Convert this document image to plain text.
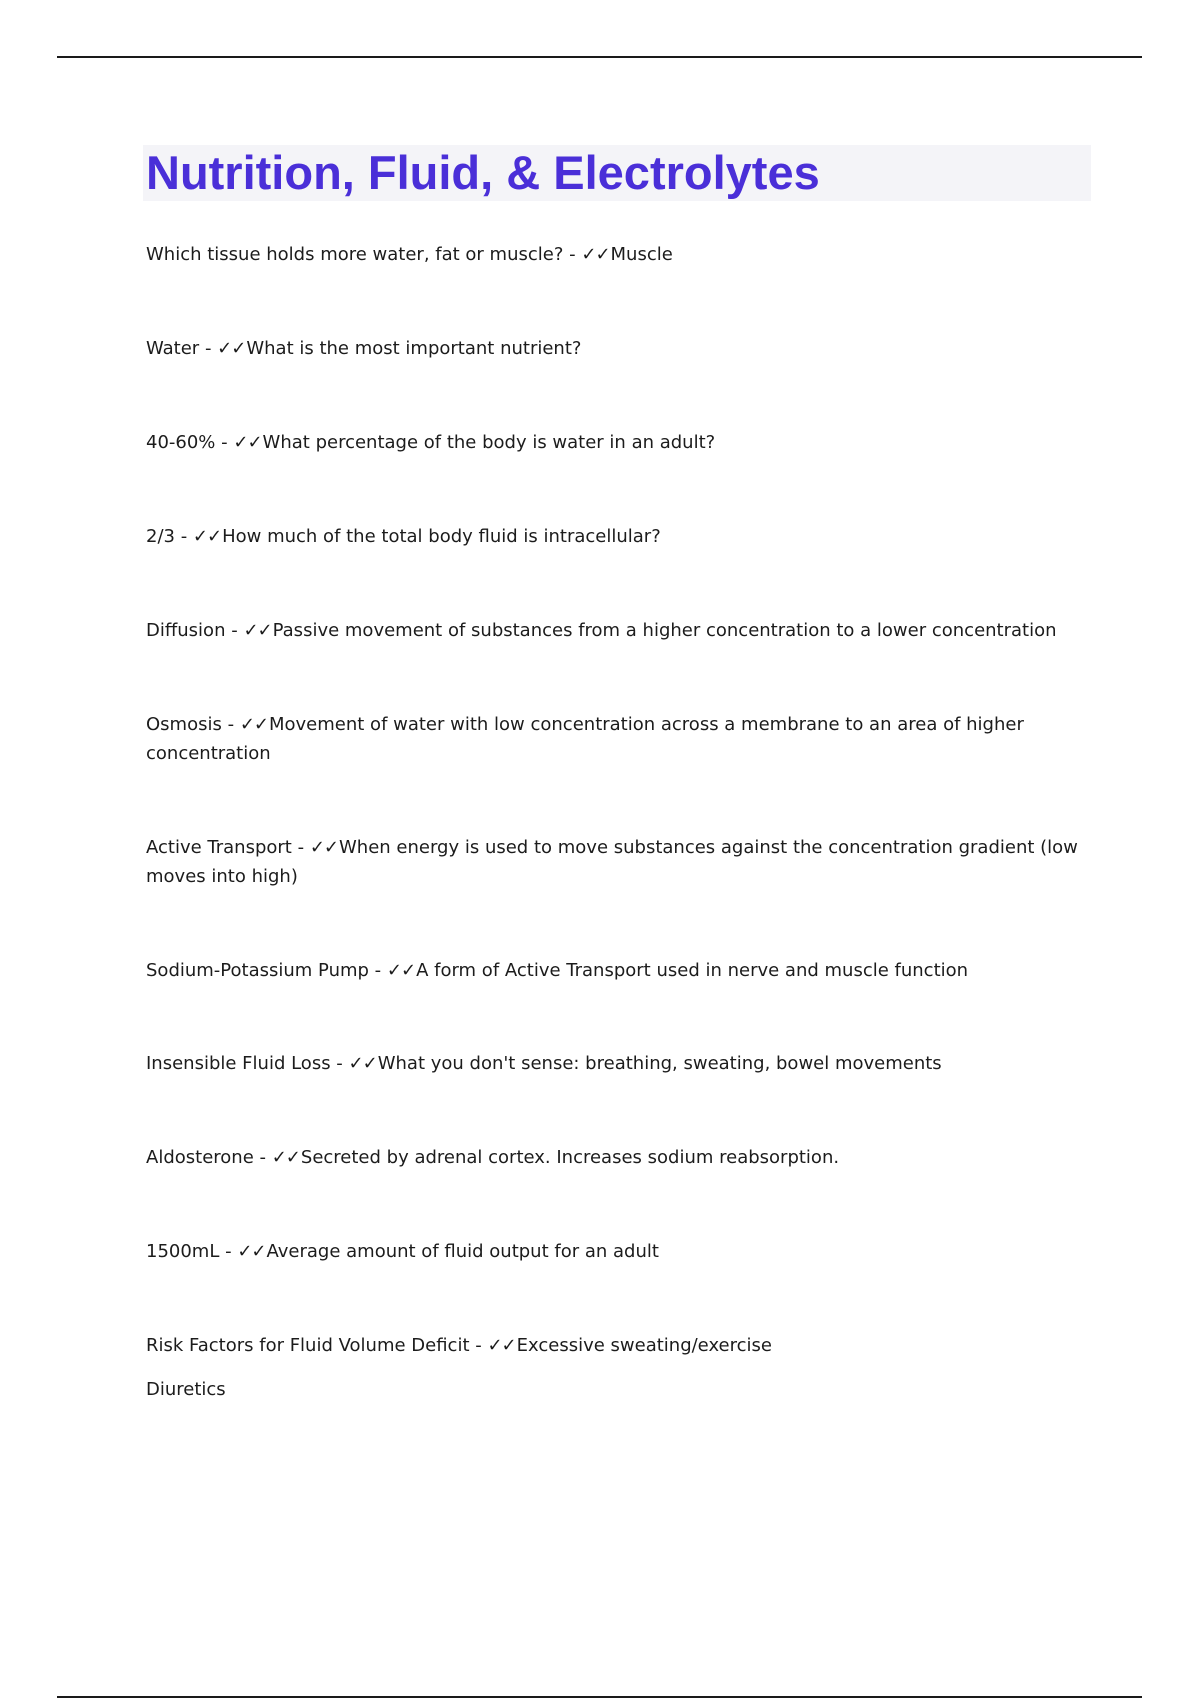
Nutrition, Fluid, & Electrolytes

Which tissue holds more water, fat or muscle? - ✓✓Muscle

Water - ✓✓What is the most important nutrient?

40-60% - ✓✓What percentage of the body is water in an adult?

2/3 - ✓✓How much of the total body fluid is intracellular?

Diffusion - ✓✓Passive movement of substances from a higher concentration to a lower concentration

Osmosis - ✓✓Movement of water with low concentration across a membrane to an area of higher concentration

Active Transport - ✓✓When energy is used to move substances against the concentration gradient (low moves into high)

Sodium-Potassium Pump - ✓✓A form of Active Transport used in nerve and muscle function

Insensible Fluid Loss - ✓✓What you don't sense: breathing, sweating, bowel movements

Aldosterone - ✓✓Secreted by adrenal cortex. Increases sodium reabsorption.

1500mL - ✓✓Average amount of fluid output for an adult

Risk Factors for Fluid Volume Deficit - ✓✓Excessive sweating/exercise

Diuretics
